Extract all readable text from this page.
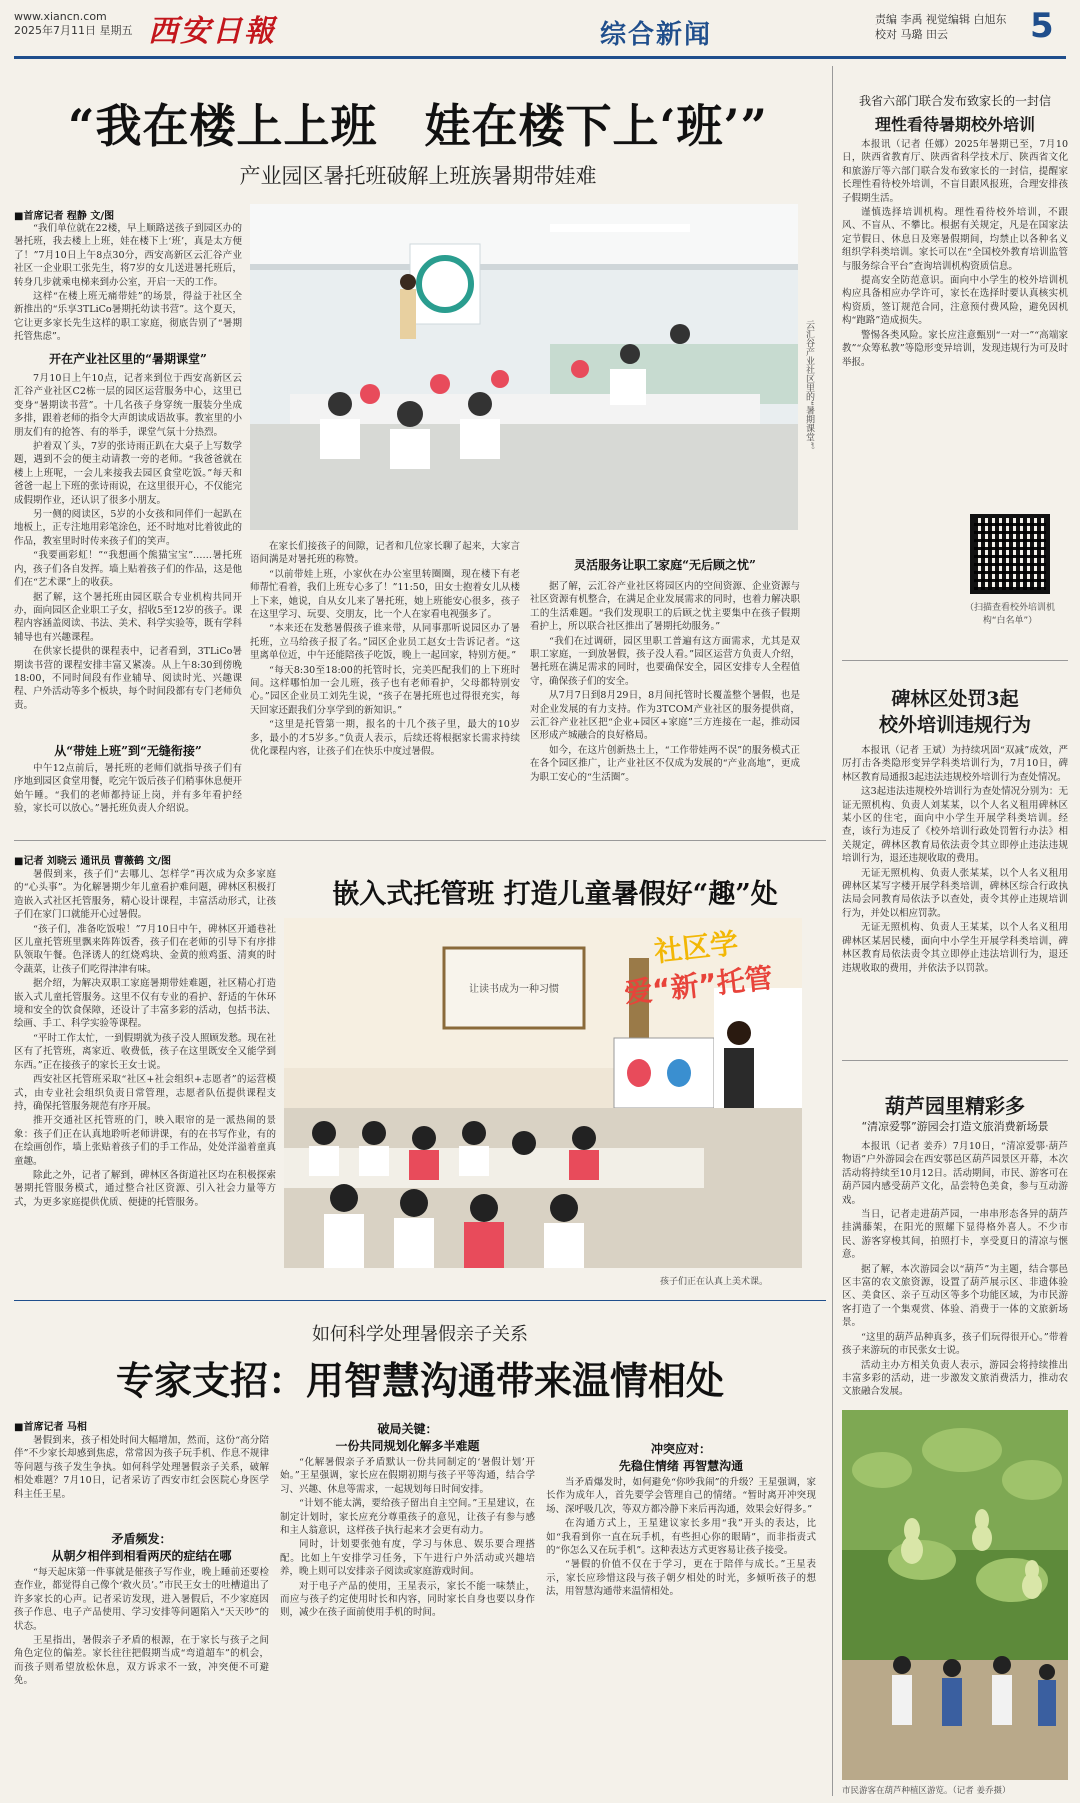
www.xiancn.com
2025年7月11日 星期五 西安日報	综合新闻
责编 李禹 视觉编辑 白旭东
校对 马璐 田云	5
“我在楼上上班　娃在楼下上‘班’”
产业园区暑托班破解上班族暑期带娃难
■首席记者 程静 文/图

“我们单位就在22楼，早上顺路送孩子到园区办的暑托班，我去楼上上班，娃在楼下上‘班’，真是太方便了！”7月10日上午8点30分，西安高新区云汇谷产业社区一企业职工张先生，将7岁的女儿送进暑托班后，转身几步就乘电梯来到办公室，开启一天的工作。

这样“在楼上班无痛带娃”的场景，得益于社区全新推出的“乐享3TLiCo暑期托幼读书营”。这个夏天，它让更多家长先生这样的职工家庭，彻底告别了“暑期托管焦虑”。

开在产业社区里的“暑期课堂”

7月10日上午10点，记者来到位于西安高新区云汇谷产业社区C2栋一层的园区运营服务中心，这里已变身“暑期读书营”。十几名孩子身穿统一服装分坐成多排，跟着老师的指令大声朗读成语故事。教室里的小朋友们有的抢答、有的举手，课堂气氛十分热烈。

护着双丫头，7岁的张诗雨正趴在大桌子上写数学题，遇到不会的便主动请教一旁的老师。“我爸爸就在楼上上班呢，一会儿来接我去园区食堂吃饭。”每天和爸爸一起上下班的张诗雨说，在这里很开心，不仅能完成假期作业，还认识了很多小朋友。

另一侧的阅读区，5岁的小女孩和同伴们一起趴在地板上，正专注地用彩笔涂色，还不时地对比着彼此的作品，教室里时时传来孩子们的笑声。

“我要画彩虹！”“我想画个熊猫宝宝”……暑托班内，孩子们各自发挥。墙上贴着孩子们的作品，这是他们在“艺术课”上的收获。

据了解，这个暑托班由园区联合专业机构共同开办，面向园区企业职工子女，招收5至12岁的孩子。课程内容涵盖阅读、书法、美术、科学实验等，既有学科辅导也有兴趣课程。

在供家长提供的课程表中，记者看到，3TLiCo暑期读书营的课程安排丰富又紧凑。从上午8:30到傍晚18:00，不同时间段有作业辅导、阅读时光、兴趣课程、户外活动等多个板块，每个时间段都有专门老师负责。

从“带娃上班”到“无缝衔接”

中午12点前后，暑托班的老师们就指导孩子们有序地到园区食堂用餐，吃完午饭后孩子们稍事休息便开始午睡。“我们的老师都持证上岗，并有多年看护经验，家长可以放心。”暑托班负责人介绍说。

云汇谷产业社区里的“暑期课堂”。

在家长们接孩子的间隙，记者和几位家长聊了起来，大家言语间满是对暑托班的称赞。

“以前带娃上班，小家伙在办公室里转圈圈，现在楼下有老师帮忙看着，我们上班专心多了！”11:50，田女士抱着女儿从楼上下来，她说，自从女儿来了暑托班，她上班能安心很多，孩子在这里学习、玩耍、交朋友，比一个人在家看电视强多了。

“本来还在发愁暑假孩子谁来带，从同事那听说园区办了暑托班，立马给孩子报了名。”园区企业员工赵女士告诉记者。“这里离单位近，中午还能陪孩子吃饭，晚上一起回家，特别方便。”

“每天8:30至18:00的托管时长，完美匹配我们的上下班时间。这样哪怕加一会儿班，孩子也有老师看护，父母都特别安心。”园区企业员工刘先生说，“孩子在暑托班也过得很充实，每天回家还跟我们分享学到的新知识。”

“这里是托管第一期，报名的十几个孩子里，最大的10岁多，最小的才5岁多。”负责人表示，后续还将根据家长需求持续优化课程内容，让孩子们在快乐中度过暑假。

灵活服务让职工家庭“无后顾之忧”

据了解，云汇谷产业社区将园区内的空间资源、企业资源与社区资源有机整合，在满足企业发展需求的同时，也着力解决职工的生活难题。“我们发现职工的后顾之忧主要集中在孩子假期看护上，所以联合社区推出了暑期托幼服务。”

“我们在过调研，园区里职工普遍有这方面需求，尤其是双职工家庭，一到放暑假，孩子没人看。”园区运营方负责人介绍，暑托班在满足需求的同时，也要确保安全，园区安排专人全程值守，确保孩子们的安全。

从7月7日到8月29日，8月间托管时长覆盖整个暑假，也是对企业发展的有力支持。作为3TCOM产业社区的服务提供商，云汇谷产业社区把“企业+园区+家庭”三方连接在一起，推动园区形成产城融合的良好格局。

如今，在这片创新热土上，“工作带娃两不误”的服务模式正在各个园区推广，让产业社区不仅成为发展的“产业高地”，更成为职工安心的“生活圈”。

■记者 刘晓云 通讯员 曹薇鹤 文/图

暑假到来，孩子们“去哪儿、怎样学”再次成为众多家庭的“心头事”。为化解暑期少年儿童看护难问题，碑林区积极打造嵌入式社区托管服务，精心设计课程，丰富活动形式，让孩子们在家门口就能开心过暑假。

“孩子们，准备吃饭啦！”7月10日中午，碑林区开通巷社区儿童托管班里飘来阵阵饭香，孩子们在老师的引导下有序排队领取午餐。色泽诱人的红烧鸡块、金黄的煎鸡蛋、清爽的时令蔬菜，让孩子们吃得津津有味。

据介绍，为解决双职工家庭暑期带娃难题，社区精心打造嵌入式儿童托管服务。这里不仅有专业的看护、舒适的午休环境和安全的饮食保障，还设计了丰富多彩的活动，包括书法、绘画、手工、科学实验等课程。

“平时工作太忙，一到假期就为孩子没人照顾发愁。现在社区有了托管班，离家近、收费低，孩子在这里既安全又能学到东西。”正在接孩子的家长王女士说。

西安社区托管班采取“社区+社会组织+志愿者”的运营模式，由专业社会组织负责日常管理，志愿者队伍提供课程支持，确保托管服务规范有序开展。

推开交通社区托管班的门，映入眼帘的是一派热闹的景象：孩子们正在认真地聆听老师讲课，有的在书写作业，有的在绘画创作，墙上张贴着孩子们的手工作品，处处洋溢着童真童趣。

除此之外，记者了解到，碑林区各街道社区均在积极探索暑期托管服务模式，通过整合社区资源、引入社会力量等方式，为更多家庭提供优质、便捷的托管服务。

嵌入式托管班 打造儿童暑假好“趣”处
社区学
爱“新”托管
让读书成为一种习惯
孩子们正在认真上美术课。
如何科学处理暑假亲子关系
专家支招：用智慧沟通带来温情相处
■首席记者 马相

暑假到来，孩子相处时间大幅增加，然而，这份“高分陪伴”不少家长却感到焦虑，常常因为孩子玩手机、作息不规律等问题与孩子发生争执。如何科学处理暑假亲子关系，破解相处难题？7月10日，记者采访了西安市红会医院心身医学科主任王星。

矛盾频发：
从朝夕相伴到相看两厌的症结在哪

“每天起床第一件事就是催孩子写作业，晚上睡前还要检查作业，都觉得自己像个‘救火员’。”市民王女士的吐槽道出了许多家长的心声。记者采访发现，进入暑假后，不少家庭因孩子作息、电子产品使用、学习安排等问题陷入“天天吵”的状态。

王星指出，暑假亲子矛盾的根源，在于家长与孩子之间角色定位的偏差。家长往往把假期当成“弯道超车”的机会，而孩子则希望放松休息，双方诉求不一致，冲突便不可避免。

破局关键：
一份共同规划化解多半难题

“化解暑假亲子矛盾默认一份共同制定的‘暑假计划’开始。”王星强调，家长应在假期初期与孩子平等沟通，结合学习、兴趣、休息等需求，一起规划每日时间安排。

“计划不能太满，要给孩子留出自主空间。”王星建议，在制定计划时，家长应充分尊重孩子的意见，让孩子有参与感和主人翁意识，这样孩子执行起来才会更有动力。

同时，计划要张弛有度，学习与休息、娱乐要合理搭配。比如上午安排学习任务，下午进行户外活动或兴趣培养，晚上则可以安排亲子阅读或家庭游戏时间。

对于电子产品的使用，王星表示，家长不能一味禁止，而应与孩子约定使用时长和内容，同时家长自身也要以身作则，减少在孩子面前使用手机的时间。

冲突应对：
先稳住情绪 再智慧沟通

当矛盾爆发时，如何避免“你吵我闹”的升级？王星强调，家长作为成年人，首先要学会管理自己的情绪。“暂时离开冲突现场、深呼吸几次，等双方都冷静下来后再沟通，效果会好得多。”

在沟通方式上，王星建议家长多用“我”开头的表达，比如“我看到你一直在玩手机，有些担心你的眼睛”，而非指责式的“你怎么又在玩手机”。这种表达方式更容易让孩子接受。

“暑假的价值不仅在于学习，更在于陪伴与成长。”王星表示，家长应珍惜这段与孩子朝夕相处的时光，多倾听孩子的想法，用智慧沟通带来温情相处。

我省六部门联合发布致家长的一封信
理性看待暑期校外培训

本报讯（记者 任娜）2025年暑期已至，7月10日，陕西省教育厅、陕西省科学技术厅、陕西省文化和旅游厅等六部门联合发布致家长的一封信，提醒家长理性看待校外培训，不盲目跟风报班，合理安排孩子假期生活。

谨慎选择培训机构。理性看待校外培训，不跟风、不盲从、不攀比。根据有关规定，凡是在国家法定节假日、休息日及寒暑假期间，均禁止以各种名义组织学科类培训。家长可以在“全国校外教育培训监管与服务综合平台”查询培训机构资质信息。

提高安全防范意识。面向中小学生的校外培训机构应具备相应办学许可，家长在选择时要认真核实机构资质，签订规范合同，注意预付费风险，避免因机构“跑路”造成损失。

警惕各类风险。家长应注意甄别“一对一”“高端家教”“众筹私教”等隐形变异培训，发现违规行为可及时举报。

（扫描查看校外培训机构“白名单”）
碑林区处罚3起
校外培训违规行为

本报讯（记者 王斌）为持续巩固“双减”成效，严厉打击各类隐形变异学科类培训行为，7月10日，碑林区教育局通报3起违法违规校外培训行为查处情况。

这3起违法违规校外培训行为查处情况分别为：无证无照机构、负责人刘某某，以个人名义租用碑林区某小区的住宅，面向中小学生开展学科类培训。经查，该行为违反了《校外培训行政处罚暂行办法》相关规定，碑林区教育局依法责令其立即停止违法违规培训行为，退还违规收取的费用。

无证无照机构、负责人张某某，以个人名义租用碑林区某写字楼开展学科类培训，碑林区综合行政执法局会同教育局依法予以查处，责令其停止违规培训行为，并处以相应罚款。

无证无照机构、负责人王某某，以个人名义租用碑林区某居民楼，面向中小学生开展学科类培训，碑林区教育局依法责令其立即停止违法培训行为，退还违规收取的费用，并依法予以罚款。

葫芦园里精彩多
“清凉爱鄠”游园会打造文旅消费新场景

本报讯（记者 姜乔）7月10日，“清凉爱鄠·葫芦物语”户外游园会在西安鄠邑区葫芦园景区开幕，本次活动将持续至10月12日。活动期间，市民、游客可在葫芦园内感受葫芦文化，品尝特色美食，参与互动游戏。

当日，记者走进葫芦园，一串串形态各异的葫芦挂满藤架，在阳光的照耀下显得格外喜人。不少市民、游客穿梭其间，拍照打卡，享受夏日的清凉与惬意。

据了解，本次游园会以“葫芦”为主题，结合鄠邑区丰富的农文旅资源，设置了葫芦展示区、非遗体验区、美食区、亲子互动区等多个功能区域，为市民游客打造了一个集观赏、体验、消费于一体的文旅新场景。

“这里的葫芦品种真多，孩子们玩得很开心。”带着孩子来游玩的市民张女士说。

活动主办方相关负责人表示，游园会将持续推出丰富多彩的活动，进一步激发文旅消费活力，推动农文旅融合发展。

市民游客在葫芦种植区游览。（记者 姜乔摄）
